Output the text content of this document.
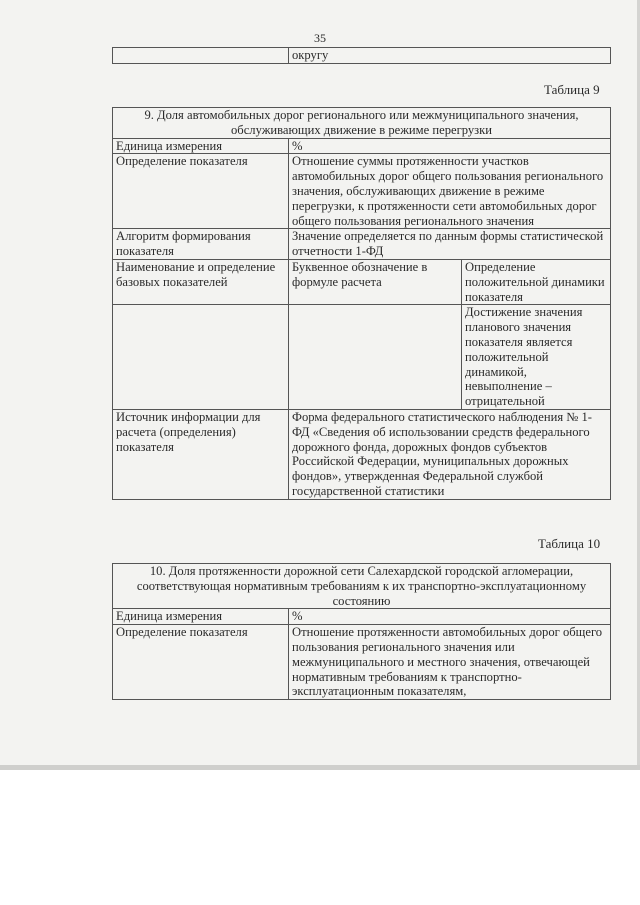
35
	округу
Таблица 9
9. Доля автомобильных дорог регионального или межмуниципального значения, обслуживающих движение в режиме перегрузки		
Единица измерения	%	
Определение показателя	Отношение суммы протяженности участков автомобильных дорог общего пользования регионального значения, обслуживающих движение в режиме перегрузки, к протяженности сети автомобильных дорог общего пользования регионального значения	
Алгоритм формирования показателя	Значение определяется по данным формы статистической отчетности 1-ФД	
Наименование и определение базовых показателей	Буквенное обозначение в формуле расчета	Определение положительной динамики показателя
		Достижение значения планового значения показателя является положительной динамикой, невыполнение – отрицательной
Источник информации для расчета (определения) показателя	Форма федерального статистического наблюдения № 1-ФД «Сведения об использовании средств федерального дорожного фонда, дорожных фондов субъектов Российской Федерации, муниципальных дорожных фондов», утвержденная Федеральной службой государственной статистики	
Таблица 10
10. Доля протяженности дорожной сети Салехардской городской агломерации, соответствующая нормативным требованиям к их транспортно-эксплуатационному состоянию	
Единица измерения	%
Определение показателя	Отношение протяженности автомобильных дорог общего пользования регионального значения или межмуниципального и местного значения, отвечающей нормативным требованиям к транспортно-эксплуатационным показателям,
